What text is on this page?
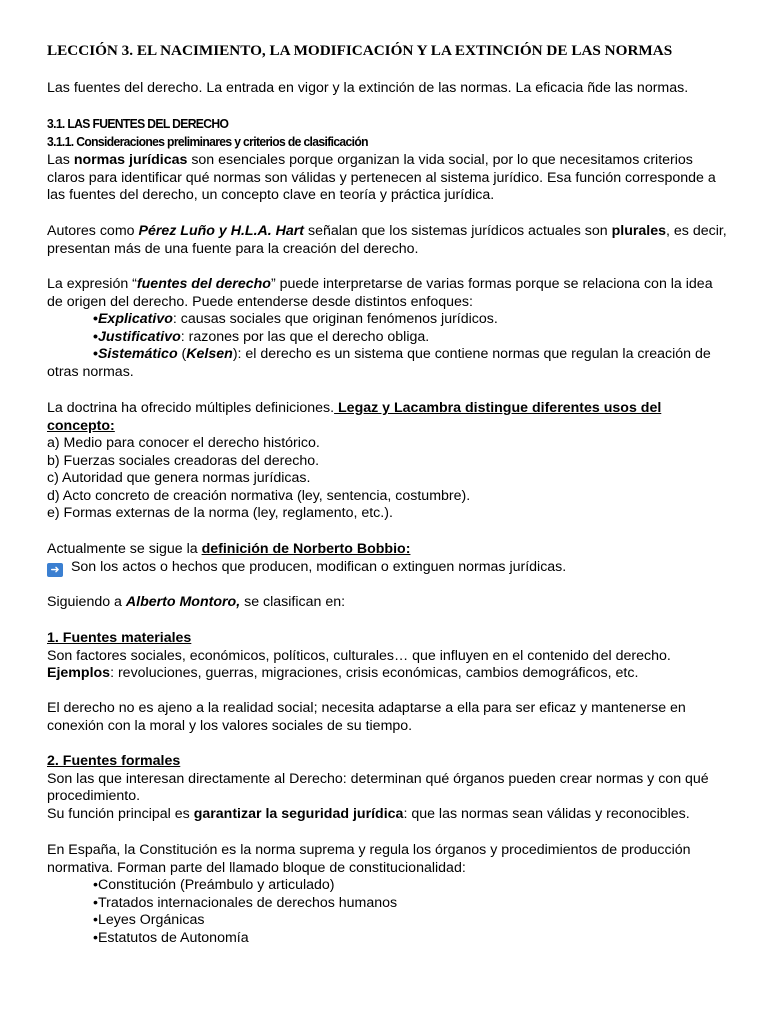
LECCIÓN 3. EL NACIMIENTO, LA MODIFICACIÓN Y LA EXTINCIÓN DE LAS NORMAS
Las fuentes del derecho. La entrada en vigor y la extinción de las normas. La eficacia ñde las normas.
3.1. LAS FUENTES DEL DERECHO
3.1.1. Consideraciones preliminares y criterios de clasificación
Las normas jurídicas son esenciales porque organizan la vida social, por lo que necesitamos criterios claros para identificar qué normas son válidas y pertenecen al sistema jurídico. Esa función corresponde a las fuentes del derecho, un concepto clave en teoría y práctica jurídica.
Autores como Pérez Luño y H.L.A. Hart señalan que los sistemas jurídicos actuales son plurales, es decir, presentan más de una fuente para la creación del derecho.
La expresión “fuentes del derecho” puede interpretarse de varias formas porque se relaciona con la idea de origen del derecho. Puede entenderse desde distintos enfoques:
•Explicativo: causas sociales que originan fenómenos jurídicos.
•Justificativo: razones por las que el derecho obliga.
•Sistemático (Kelsen): el derecho es un sistema que contiene normas que regulan la creación de otras normas.
La doctrina ha ofrecido múltiples definiciones. Legaz y Lacambra distingue diferentes usos del concepto:
a) Medio para conocer el derecho histórico.
b) Fuerzas sociales creadoras del derecho.
c) Autoridad que genera normas jurídicas.
d) Acto concreto de creación normativa (ley, sentencia, costumbre).
e) Formas externas de la norma (ley, reglamento, etc.).
Actualmente se sigue la definición de Norberto Bobbio:
➜ Son los actos o hechos que producen, modifican o extinguen normas jurídicas.
Siguiendo a Alberto Montoro, se clasifican en:
1. Fuentes materiales
Son factores sociales, económicos, políticos, culturales… que influyen en el contenido del derecho.
Ejemplos: revoluciones, guerras, migraciones, crisis económicas, cambios demográficos, etc.
El derecho no es ajeno a la realidad social; necesita adaptarse a ella para ser eficaz y mantenerse en conexión con la moral y los valores sociales de su tiempo.
2. Fuentes formales
Son las que interesan directamente al Derecho: determinan qué órganos pueden crear normas y con qué procedimiento.
Su función principal es garantizar la seguridad jurídica: que las normas sean válidas y reconocibles.
En España, la Constitución es la norma suprema y regula los órganos y procedimientos de producción normativa. Forman parte del llamado bloque de constitucionalidad:
•Constitución (Preámbulo y articulado)
•Tratados internacionales de derechos humanos
•Leyes Orgánicas
•Estatutos de Autonomía
